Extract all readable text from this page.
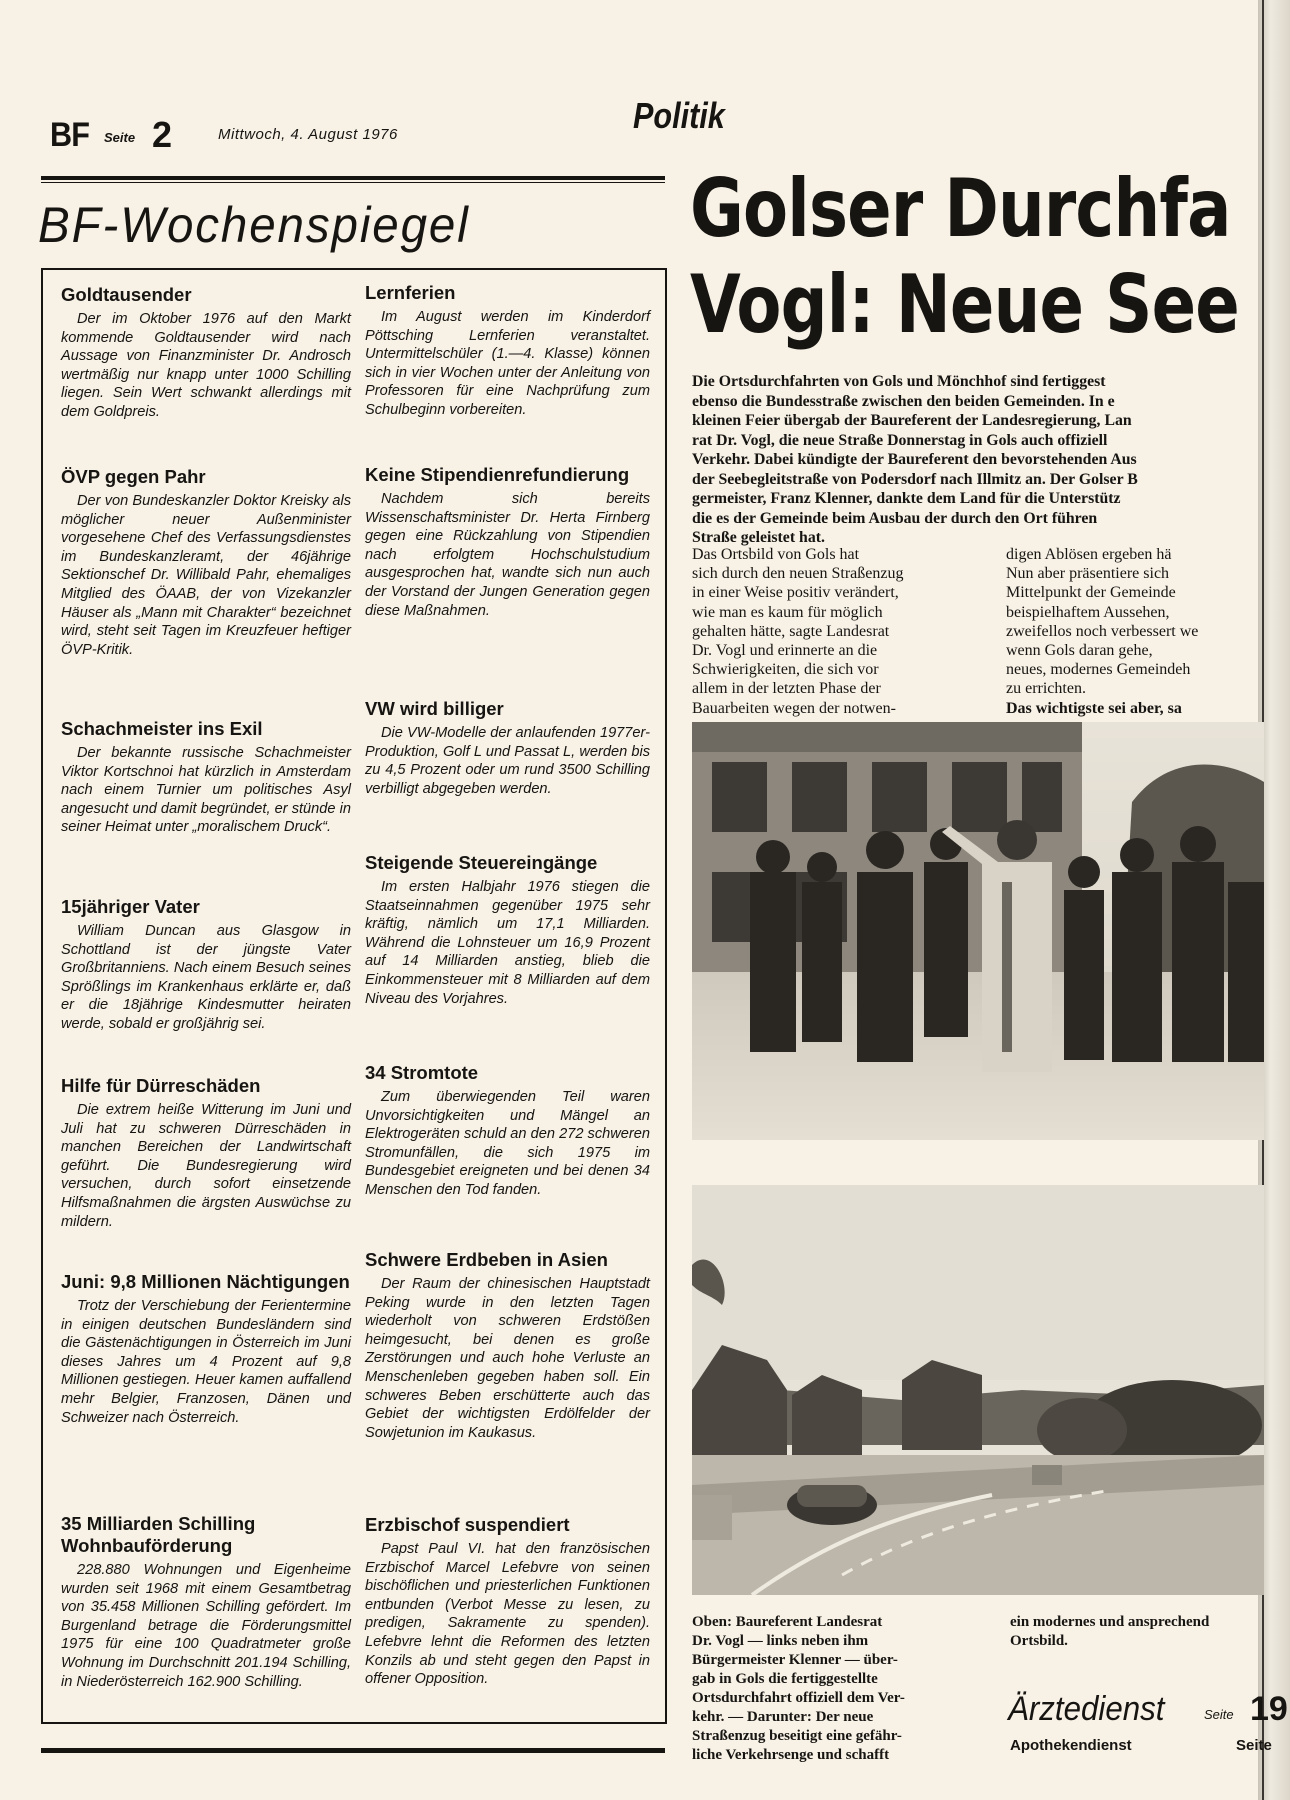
BF Seite 2	Mittwoch, 4. August 1976	Politik
BF-Wochenspiegel
Goldtausender

Der im Oktober 1976 auf den Markt kommende Goldtausender wird nach Aussage von Finanzminister Dr. Androsch wertmäßig nur knapp unter 1000 Schilling liegen. Sein Wert schwankt allerdings mit dem Goldpreis.

ÖVP gegen Pahr

Der von Bundeskanzler Doktor Kreisky als möglicher neuer Außenminister vorgesehene Chef des Verfassungsdienstes im Bundeskanzleramt, der 46jährige Sektionschef Dr. Willibald Pahr, ehemaliges Mitglied des ÖAAB, der von Vizekanzler Häuser als „Mann mit Charakter“ bezeichnet wird, steht seit Tagen im Kreuzfeuer heftiger ÖVP-Kritik.

Schachmeister ins Exil

Der bekannte russische Schachmeister Viktor Kortschnoi hat kürzlich in Amsterdam nach einem Turnier um politisches Asyl angesucht und damit begründet, er stünde in seiner Heimat unter „moralischem Druck“.

15jähriger Vater

William Duncan aus Glasgow in Schottland ist der jüngste Vater Großbritanniens. Nach einem Besuch seines Sprößlings im Krankenhaus erklärte er, daß er die 18jährige Kindesmutter heiraten werde, sobald er großjährig sei.

Hilfe für Dürreschäden

Die extrem heiße Witterung im Juni und Juli hat zu schweren Dürreschäden in manchen Bereichen der Landwirtschaft geführt. Die Bundesregierung wird versuchen, durch sofort einsetzende Hilfsmaßnahmen die ärgsten Auswüchse zu mildern.

Juni: 9,8 Millionen Nächtigungen

Trotz der Verschiebung der Ferientermine in einigen deutschen Bundesländern sind die Gästenächtigungen in Österreich im Juni dieses Jahres um 4 Prozent auf 9,8 Millionen gestiegen. Heuer kamen auffallend mehr Belgier, Franzosen, Dänen und Schweizer nach Österreich.

35 Milliarden Schilling Wohnbauförderung

228.880 Wohnungen und Eigenheime wurden seit 1968 mit einem Gesamtbetrag von 35.458 Millionen Schilling gefördert. Im Burgenland betrage die Förderungsmittel 1975 für eine 100 Quadratmeter große Wohnung im Durchschnitt 201.194 Schilling, in Niederösterreich 162.900 Schilling.

Lernferien

Im August werden im Kinderdorf Pöttsching Lernferien veranstaltet. Untermittelschüler (1.—4. Klasse) können sich in vier Wochen unter der Anleitung von Professoren für eine Nachprüfung zum Schulbeginn vorbereiten.

Keine Stipendienrefundierung

Nachdem sich bereits Wissenschaftsminister Dr. Herta Firnberg gegen eine Rückzahlung von Stipendien nach erfolgtem Hochschulstudium ausgesprochen hat, wandte sich nun auch der Vorstand der Jungen Generation gegen diese Maßnahmen.

VW wird billiger

Die VW-Modelle der anlaufenden 1977er-Produktion, Golf L und Passat L, werden bis zu 4,5 Prozent oder um rund 3500 Schilling verbilligt abgegeben werden.

Steigende Steuereingänge

Im ersten Halbjahr 1976 stiegen die Staatseinnahmen gegenüber 1975 sehr kräftig, nämlich um 17,1 Milliarden. Während die Lohnsteuer um 16,9 Prozent auf 14 Milliarden anstieg, blieb die Einkommensteuer mit 8 Milliarden auf dem Niveau des Vorjahres.

34 Stromtote

Zum überwiegenden Teil waren Unvorsichtigkeiten und Mängel an Elektrogeräten schuld an den 272 schweren Stromunfällen, die sich 1975 im Bundesgebiet ereigneten und bei denen 34 Menschen den Tod fanden.

Schwere Erdbeben in Asien

Der Raum der chinesischen Hauptstadt Peking wurde in den letzten Tagen wiederholt von schweren Erdstößen heimgesucht, bei denen es große Zerstörungen und auch hohe Verluste an Menschenleben gegeben haben soll. Ein schweres Beben erschütterte auch das Gebiet der wichtigsten Erdölfelder der Sowjetunion im Kaukasus.

Erzbischof suspendiert

Papst Paul VI. hat den französischen Erzbischof Marcel Lefebvre von seinen bischöflichen und priesterlichen Funktionen entbunden (Verbot Messe zu lesen, zu predigen, Sakramente zu spenden). Lefebvre lehnt die Reformen des letzten Konzils ab und steht gegen den Papst in offener Opposition.

Golser Durchfa
Vogl: Neue See
Die Ortsdurchfahrten von Gols und Mönchhof sind fertiggest
ebenso die Bundesstraße zwischen den beiden Gemeinden. In e
kleinen Feier übergab der Baureferent der Landesregierung, Lan
rat Dr. Vogl, die neue Straße Donnerstag in Gols auch offiziell
Verkehr. Dabei kündigte der Baureferent den bevorstehenden Aus
der Seebegleitstraße von Podersdorf nach Illmitz an. Der Golser B
germeister, Franz Klenner, dankte dem Land für die Unterstütz
die es der Gemeinde beim Ausbau der durch den Ort führen
Straße geleistet hat.
Das Ortsbild von Gols hat
sich durch den neuen Straßenzug
in einer Weise positiv verändert,
wie man es kaum für möglich
gehalten hätte, sagte Landesrat
Dr. Vogl und erinnerte an die
Schwierigkeiten, die sich vor
allem in der letzten Phase der
Bauarbeiten wegen der notwen-
digen Ablösen ergeben hä
Nun aber präsentiere sich
Mittelpunkt der Gemeinde
beispielhaftem Aussehen,
zweifellos noch verbessert we
wenn Gols daran gehe,
neues, modernes Gemeindeh
zu errichten.
Das wichtigste sei aber, sa
Oben: Baureferent Landesrat
Dr. Vogl — links neben ihm
Bürgermeister Klenner — über-
gab in Gols die fertiggestellte
Ortsdurchfahrt offiziell dem Ver-
kehr. — Darunter: Der neue
Straßenzug beseitigt eine gefähr-
liche Verkehrsenge und schafft
ein modernes und ansprechend
Ortsbild.
Ärztedienst	Seite 19
Apothekendienst	Seite
